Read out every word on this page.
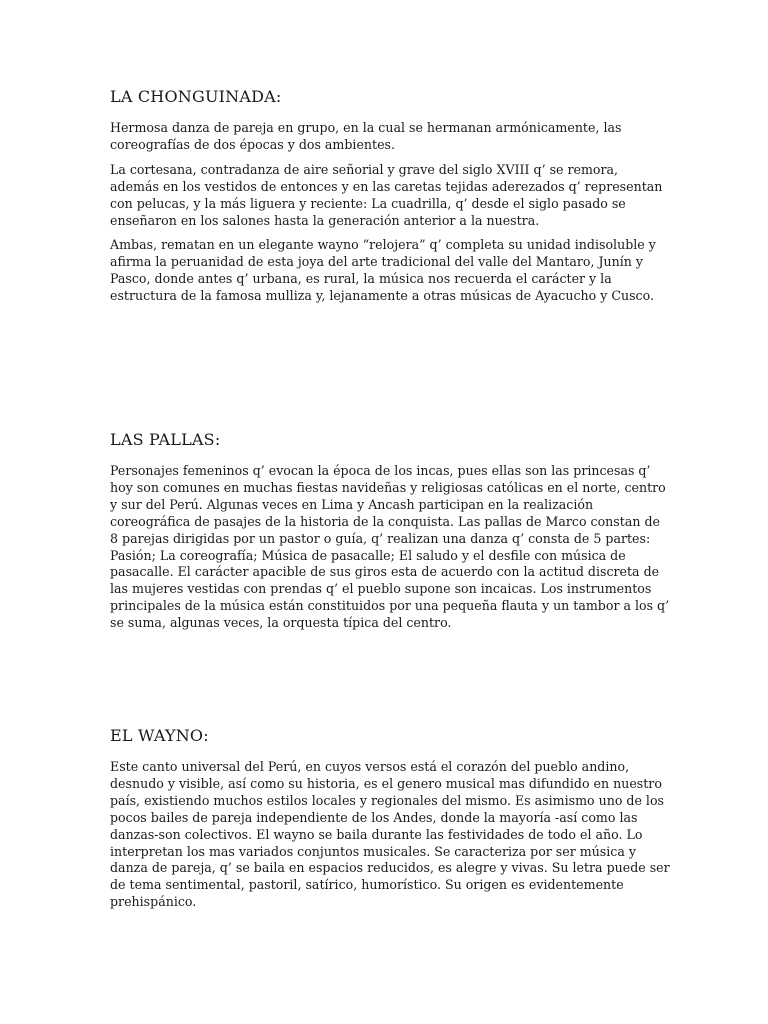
LA CHONGUINADA:

Hermosa danza de pareja en grupo, en la cual se hermanan armónicamente, las coreografías de dos épocas y dos ambientes.

La cortesana, contradanza de aire señorial y grave del siglo XVIII q’ se remora, además en los vestidos de entonces y en las caretas tejidas aderezados q’ representan con pelucas, y la más liguera y reciente: La cuadrilla, q’ desde el siglo pasado se enseñaron en los salones hasta la generación anterior a la nuestra.

Ambas, rematan en un elegante wayno “relojera” q’ completa su unidad indisoluble y afirma la peruanidad de esta joya del arte tradicional del valle del Mantaro, Junín y Pasco, donde antes q’ urbana, es rural, la música nos recuerda el carácter y la estructura de la famosa mulliza y, lejanamente a otras músicas de Ayacucho y Cusco.

LAS PALLAS:

Personajes femeninos q’ evocan la época de los incas, pues ellas son las princesas q’ hoy son comunes en muchas fiestas navideñas y religiosas católicas en el norte, centro y sur del Perú. Algunas veces en Lima y Ancash participan en la realización coreográfica de pasajes de la historia de la conquista. Las pallas de Marco constan de 8 parejas dirigidas por un pastor o guía, q’ realizan una danza q’ consta de 5 partes: Pasión; La coreografía; Música de pasacalle; El saludo y el desfile con música de pasacalle. El carácter apacible de sus giros esta de acuerdo con la actitud discreta de las mujeres vestidas con prendas q’ el pueblo supone son incaicas. Los instrumentos principales de la música están constituidos por una pequeña flauta y un tambor a los q’ se suma, algunas veces, la orquesta típica del centro.

EL WAYNO:

Este canto universal del Perú, en cuyos versos está el corazón del pueblo andino, desnudo y visible, así como su historia, es el genero musical mas difundido en nuestro país, existiendo muchos estilos locales y regionales del mismo. Es asimismo uno de los pocos bailes de pareja independiente de los Andes, donde la mayoría -así como las danzas-son colectivos. El wayno se baila durante las festividades de todo el año. Lo interpretan los mas variados conjuntos musicales. Se caracteriza por ser música y danza de pareja, q’ se baila en espacios reducidos, es alegre y vivas. Su letra puede ser de tema sentimental, pastoril, satírico, humorístico. Su origen es evidentemente prehispánico.
